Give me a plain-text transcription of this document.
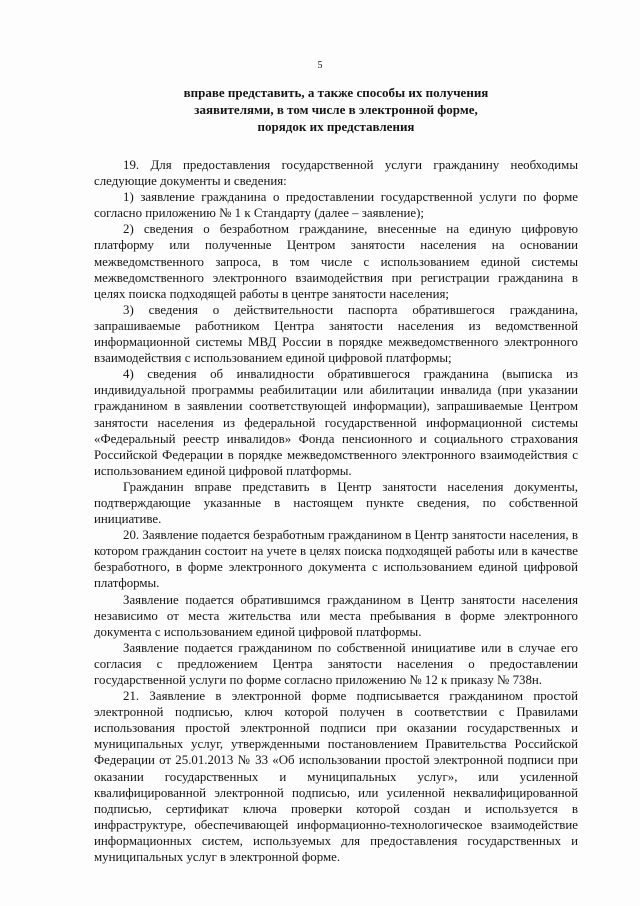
5
вправе представить, а также способы их получения
заявителями, в том числе в электронной форме,
порядок их представления

19. Для предоставления государственной услуги гражданину необходимы следующие документы и сведения:

1) заявление гражданина о предоставлении государственной услуги по форме согласно приложению № 1 к Стандарту (далее – заявление);

2) сведения о безработном гражданине, внесенные на единую цифровую платформу или полученные Центром занятости населения на основании межведомственного запроса, в том числе с использованием единой системы межведомственного электронного взаимодействия при регистрации гражданина в целях поиска подходящей работы в центре занятости населения;

3) сведения о действительности паспорта обратившегося гражданина, запрашиваемые работником Центра занятости населения из ведомственной информационной системы МВД России в порядке межведомственного электронного взаимодействия с использованием единой цифровой платформы;

4) сведения об инвалидности обратившегося гражданина (выписка из индивидуальной программы реабилитации или абилитации инвалида (при указании гражданином в заявлении соответствующей информации), запрашиваемые Центром занятости населения из федеральной государственной информационной системы «Федеральный реестр инвалидов» Фонда пенсионного и социального страхования Российской Федерации в порядке межведомственного электронного взаимодействия с использованием единой цифровой платформы.

Гражданин вправе представить в Центр занятости населения документы, подтверждающие указанные в настоящем пункте сведения, по собственной инициативе.

20. Заявление подается безработным гражданином в Центр занятости населения, в котором гражданин состоит на учете в целях поиска подходящей работы или в качестве безработного, в форме электронного документа с использованием единой цифровой платформы.

Заявление подается обратившимся гражданином в Центр занятости населения независимо от места жительства или места пребывания в форме электронного документа с использованием единой цифровой платформы.

Заявление подается гражданином по собственной инициативе или в случае его согласия с предложением Центра занятости населения о предоставлении государственной услуги по форме согласно приложению № 12 к приказу № 738н.

21. Заявление в электронной форме подписывается гражданином простой электронной подписью, ключ которой получен в соответствии с Правилами использования простой электронной подписи при оказании государственных и муниципальных услуг, утвержденными постановлением Правительства Российской Федерации от 25.01.2013 № 33 «Об использовании простой электронной подписи при оказании государственных и муниципальных услуг», или усиленной квалифицированной электронной подписью, или усиленной неквалифицированной подписью, сертификат ключа проверки которой создан и используется в инфраструктуре, обеспечивающей информационно-технологическое взаимодействие информационных систем, используемых для предоставления государственных и муниципальных услуг в электронной форме.
